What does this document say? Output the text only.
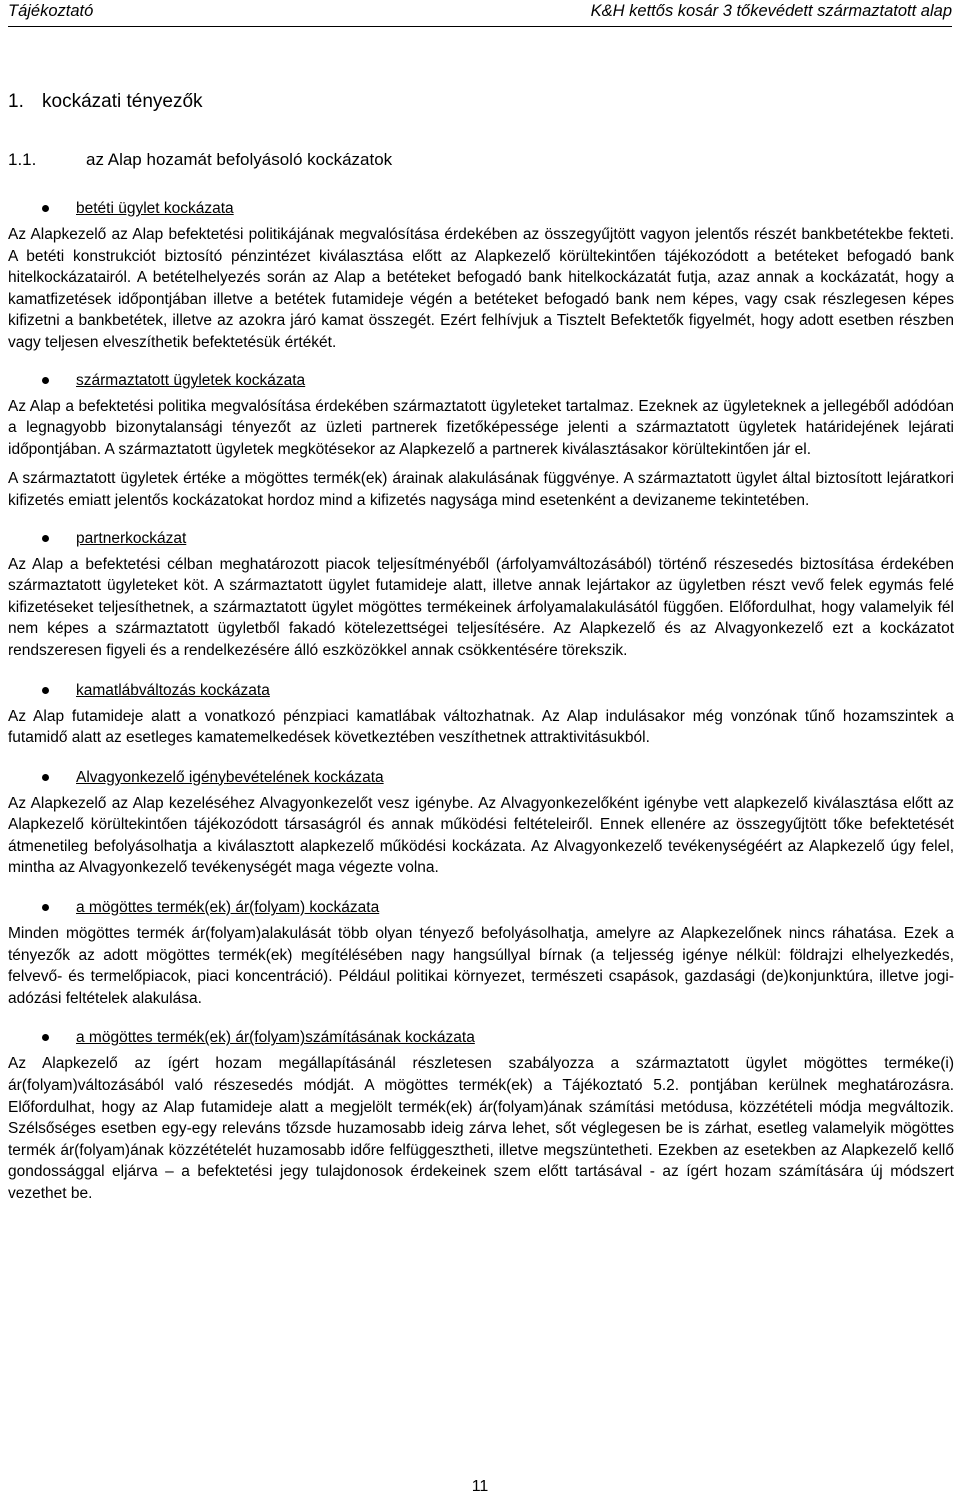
Tájékoztató	K&H kettős kosár 3 tőkevédett származtatott alap
1. kockázati tényezők
1.1.	az Alap hozamát befolyásoló kockázatok
betéti ügylet kockázata

Az Alapkezelő az Alap befektetési politikájának megvalósítása érdekében az összegyűjtött vagyon jelentős részét bankbetétekbe fekteti. A betéti konstrukciót biztosító pénzintézet kiválasztása előtt az Alapkezelő körültekintően tájékozódott a betéteket befogadó bank hitelkockázatairól. A betételhelyezés során az Alap a betéteket befogadó bank hitelkockázatát futja, azaz annak a kockázatát, hogy a kamatfizetések időpontjában illetve a betétek futamideje végén a betéteket befogadó bank nem képes, vagy csak részlegesen képes kifizetni a bankbetétek, illetve az azokra járó kamat összegét. Ezért felhívjuk a Tisztelt Befektetők figyelmét, hogy adott esetben részben vagy teljesen elveszíthetik befektetésük értékét.

származtatott ügyletek kockázata

Az Alap a befektetési politika megvalósítása érdekében származtatott ügyleteket tartalmaz. Ezeknek az ügyleteknek a jellegéből adódóan a legnagyobb bizonytalansági tényezőt az üzleti partnerek fizetőképessége jelenti a származtatott ügyletek határidejének lejárati időpontjában. A származtatott ügyletek megkötésekor az Alapkezelő a partnerek kiválasztásakor körültekintően jár el.

A származtatott ügyletek értéke a mögöttes termék(ek) árainak alakulásának függvénye. A származtatott ügylet által biztosított lejáratkori kifizetés emiatt jelentős kockázatokat hordoz mind a kifizetés nagysága mind esetenként a devizaneme tekintetében.

partnerkockázat

Az Alap a befektetési célban meghatározott piacok teljesítményéből (árfolyamváltozásából) történő részesedés biztosítása érdekében származtatott ügyleteket köt. A származtatott ügylet futamideje alatt, illetve annak lejártakor az ügyletben részt vevő felek egymás felé kifizetéseket teljesíthetnek, a származtatott ügylet mögöttes termékeinek árfolyamalakulásától függően. Előfordulhat, hogy valamelyik fél nem képes a származtatott ügyletből fakadó kötelezettségei teljesítésére. Az Alapkezelő és az Alvagyonkezelő ezt a kockázatot rendszeresen figyeli és a rendelkezésére álló eszközökkel annak csökkentésére törekszik.

kamatlábváltozás kockázata

Az Alap futamideje alatt a vonatkozó pénzpiaci kamatlábak változhatnak. Az Alap indulásakor még vonzónak tűnő hozamszintek a futamidő alatt az esetleges kamatemelkedések következtében veszíthetnek attraktivitásukból.

Alvagyonkezelő igénybevételének kockázata

Az Alapkezelő az Alap kezeléséhez Alvagyonkezelőt vesz igénybe. Az Alvagyonkezelőként igénybe vett alapkezelő kiválasztása előtt az Alapkezelő körültekintően tájékozódott társaságról és annak működési feltételeiről. Ennek ellenére az összegyűjtött tőke befektetését átmenetileg befolyásolhatja a kiválasztott alapkezelő működési kockázata. Az Alvagyonkezelő tevékenységéért az Alapkezelő úgy felel, mintha az Alvagyonkezelő tevékenységét maga végezte volna.

a mögöttes termék(ek) ár(folyam) kockázata

Minden mögöttes termék ár(folyam)alakulását több olyan tényező befolyásolhatja, amelyre az Alapkezelőnek nincs ráhatása. Ezek a tényezők az adott mögöttes termék(ek) megítélésében nagy hangsúllyal bírnak (a teljesség igénye nélkül: földrajzi elhelyezkedés, felvevő- és termelőpiacok, piaci koncentráció). Például politikai környezet, természeti csapások, gazdasági (de)konjunktúra, illetve jogi-adózási feltételek alakulása.

a mögöttes termék(ek) ár(folyam)számításának kockázata

Az Alapkezelő az ígért hozam megállapításánál részletesen szabályozza a származtatott ügylet mögöttes terméke(i) ár(folyam)változásából való részesedés módját. A mögöttes termék(ek) a Tájékoztató 5.2. pontjában kerülnek meghatározásra. Előfordulhat, hogy az Alap futamideje alatt a megjelölt termék(ek) ár(folyam)ának számítási metódusa, közzétételi módja megváltozik. Szélsőséges esetben egy-egy releváns tőzsde huzamosabb ideig zárva lehet, sőt véglegesen be is zárhat, esetleg valamelyik mögöttes termék ár(folyam)ának közzétételét huzamosabb időre felfüggesztheti, illetve megszüntetheti. Ezekben az esetekben az Alapkezelő kellő gondossággal eljárva – a befektetési jegy tulajdonosok érdekeinek szem előtt tartásával - az ígért hozam számítására új módszert vezethet be.

11
